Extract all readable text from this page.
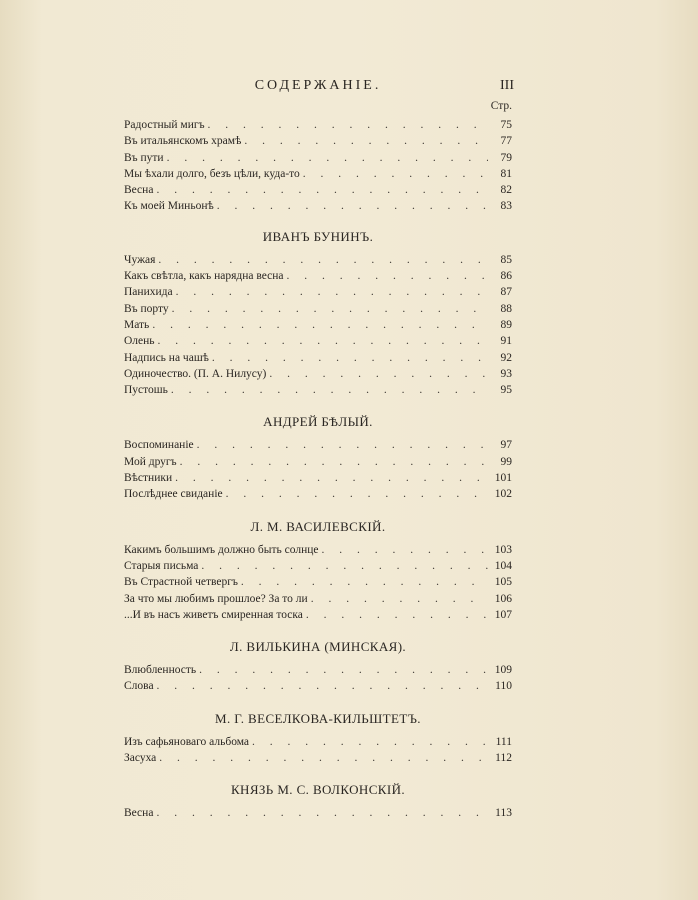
СОДЕРЖАНІЕ.	III
Стр.
Радостный мигъ . . .	75
Въ итальянскомъ храмѣ . . .	77
Въ пути . . .	79
Мы ѣхали долго, безъ цѣли, куда-то . . .	81
Весна . . .	82
Къ моей Миньонѣ . . .	83
ИВАНЪ БУНИНЪ.
Чужая . . .	85
Какъ свѣтла, какъ нарядна весна . . .	86
Панихида . . .	87
Въ порту . . .	88
Мать . . .	89
Олень . . .	91
Надпись на чашѣ . . .	92
Одиночество. (П. А. Нилусу) . . .	93
Пустошь . . .	95
АНДРЕЙ БѢЛЫЙ.
Воспоминаніе . . .	97
Мой другъ . . .	99
Вѣстники . . .	101
Послѣднее свиданіе . . .	102
Л. М. ВАСИЛЕВСКІЙ.
Какимъ большимъ должно быть солнце . . .	103
Старыя письма . . .	104
Въ Страстной четвергъ . . .	105
За что мы любимъ прошлое? За то ли . . .	106
...И въ насъ живетъ смиренная тоска . . .	107
Л. ВИЛЬКИНА (МИНСКАЯ).
Влюбленность . . .	109
Слова . . .	110
М. Г. ВЕСЕЛКОВА-КИЛЬШТЕТЪ.
Изъ сафьяноваго альбома . . .	111
Засуха . . .	112
КНЯЗЬ М. С. ВОЛКОНСКІЙ.
Весна . . .	113
